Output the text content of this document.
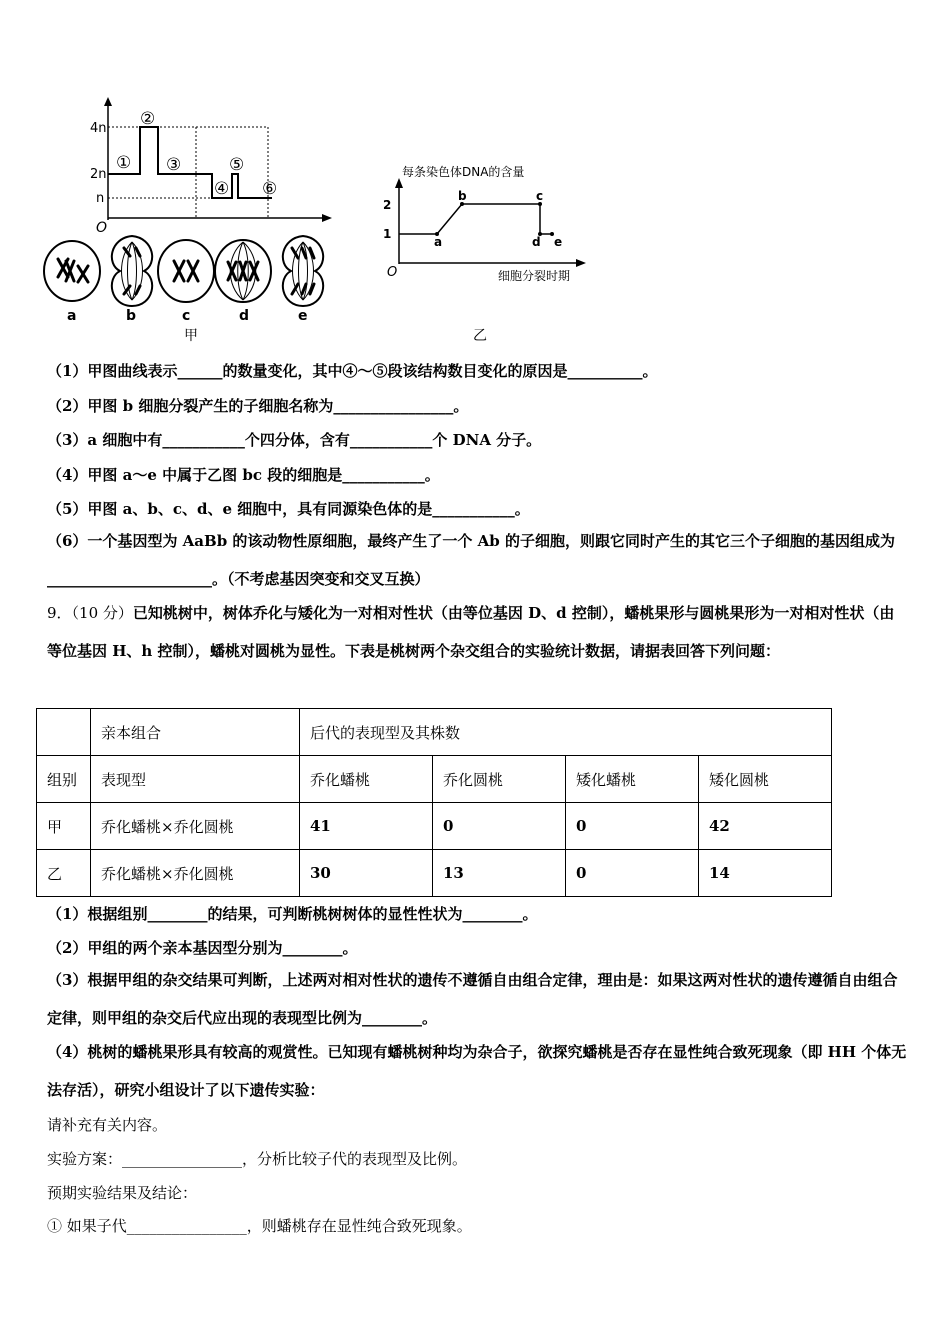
4n
2n
n
O
①
②
③
④
⑤
⑥
a	b	c	d	e
甲
每条染色体DNA的含量
2
1
O
a
b	c
d e
细胞分裂时期
乙
（1）甲图曲线表示______的数量变化，其中④～⑤段该结构数目变化的原因是__________。
（2）甲图 b 细胞分裂产生的子细胞名称为________________。
（3）a 细胞中有___________个四分体，含有___________个 DNA 分子。
（4）甲图 a～e 中属于乙图 bc 段的细胞是___________。
（5）甲图 a、b、c、d、e 细胞中，具有同源染色体的是___________。
（6）一个基因型为 AaBb 的该动物性原细胞，最终产生了一个 Ab 的子细胞，则跟它同时产生的其它三个子细胞的基因组成为______________________。（不考虑基因突变和交叉互换）
9．（10 分）已知桃树中，树体乔化与矮化为一对相对性状（由等位基因 D、d 控制），蟠桃果形与圆桃果形为一对相对性状（由等位基因 H、h 控制），蟠桃对圆桃为显性。下表是桃树两个杂交组合的实验统计数据，请据表回答下列问题：
	亲本组合	后代的表现型及其株数			
组别	表现型	乔化蟠桃	乔化圆桃	矮化蟠桃	矮化圆桃
甲	乔化蟠桃×乔化圆桃	41	0	0	42
乙	乔化蟠桃×乔化圆桃	30	13	0	14
（1）根据组别________的结果，可判断桃树树体的显性性状为________。
（2）甲组的两个亲本基因型分别为________。
（3）根据甲组的杂交结果可判断，上述两对相对性状的遗传不遵循自由组合定律，理由是：如果这两对性状的遗传遵循自由组合定律，则甲组的杂交后代应出现的表现型比例为________。
（4）桃树的蟠桃果形具有较高的观赏性。已知现有蟠桃树种均为杂合子，欲探究蟠桃是否存在显性纯合致死现象（即 HH 个体无法存活），研究小组设计了以下遗传实验：
请补充有关内容。
实验方案：________________，分析比较子代的表现型及比例。
预期实验结果及结论：
① 如果子代________________，则蟠桃存在显性纯合致死现象。
